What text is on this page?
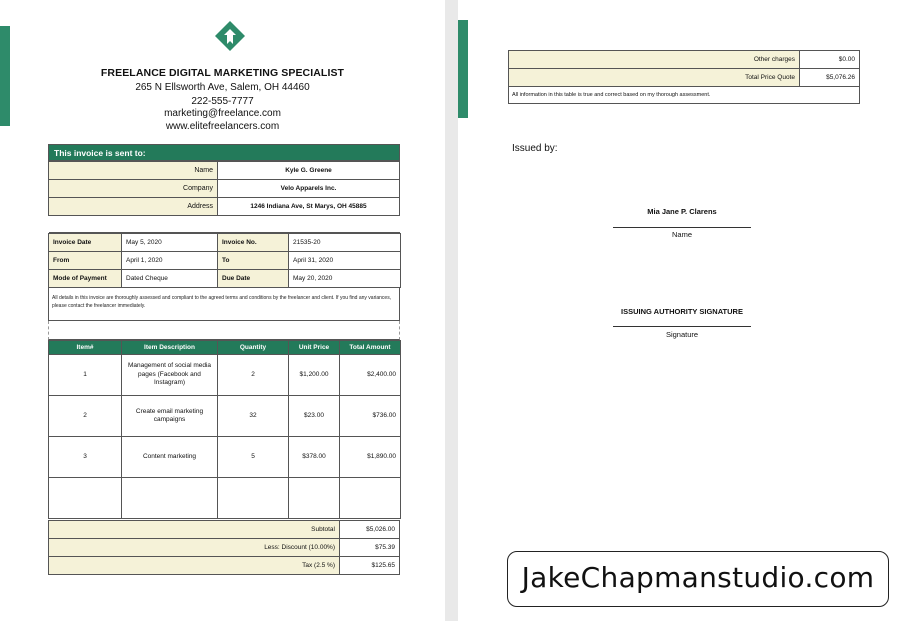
FREELANCE DIGITAL MARKETING SPECIALIST
265 N Ellsworth Ave, Salem, OH 44460
222-555-7777
marketing@freelance.com
www.elitefreelancers.com
This invoice is sent to:
Name	Kyle G. Greene
Company	Velo Apparels Inc.
Address	1246 Indiana Ave, St Marys, OH 45885

Invoice Date	May 5, 2020	Invoice No.	21535-20
From	April 1, 2020	To	April 31, 2020
Mode of Payment	Dated Cheque	Due Date	May 20, 2020
All details in this invoice are thoroughly assessed and compliant to the agreed terms and conditions by the freelancer and client. If you find any variances, please contact the freelancer immediately.
Item#	Item Description	Quantity	Unit Price	Total Amount
1	Management of social media pages (Facebook and Instagram)	2	$1,200.00	$2,400.00
2	Create email marketing campaigns	32	$23.00	$736.00
3	Content marketing	5	$378.00	$1,890.00

Subtotal	$5,026.00
Less: Discount (10.00%)	$75.39
Tax (2.5 %)	$125.65
Other charges	$0.00
Total Price Quote	$5,076.26
All information in this table is true and correct based on my thorough assessment.	
Issued by:
Mia Jane P. Clarens
Name
ISSUING AUTHORITY SIGNATURE
Signature
JakeChapmanstudio.com
